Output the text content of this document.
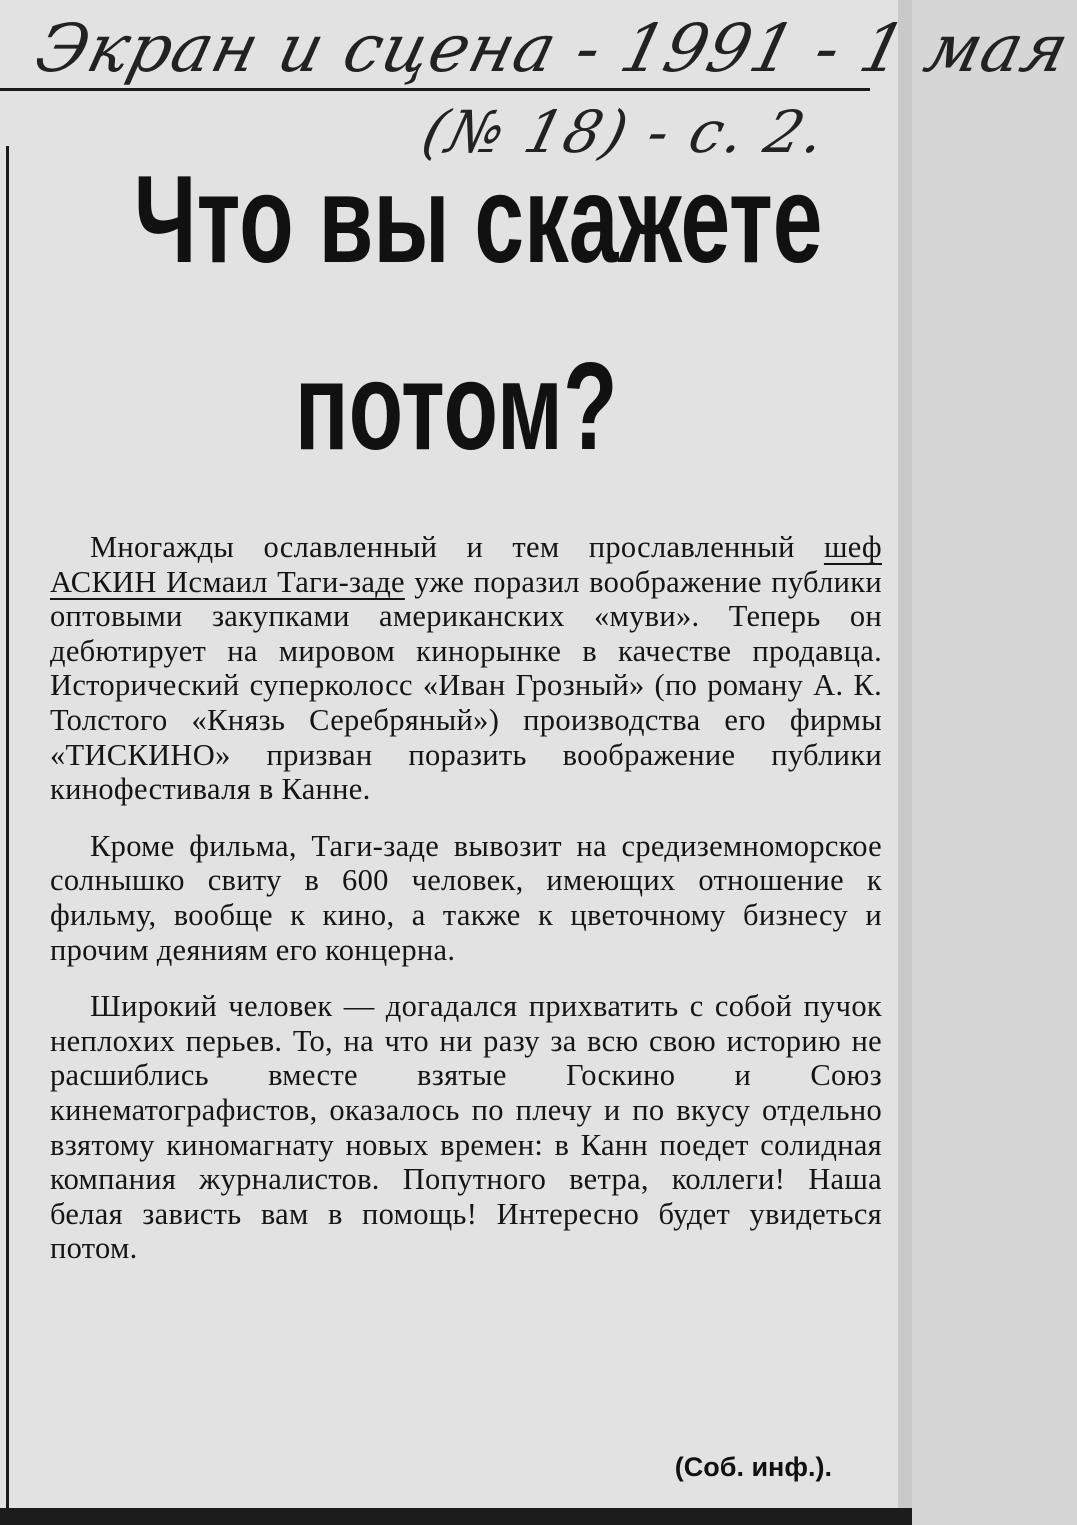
Экран и сцена - 1991 - 1 мая
(№ 18) - с. 2.
Что вы скажете
потом?

Многажды ославленный и тем прославленный шеф АСКИН Исмаил Таги-заде уже поразил воображение публики оптовыми закупками американских «муви». Теперь он дебютирует на мировом кинорынке в качестве продавца. Исторический суперколосс «Иван Грозный» (по роману А. К. Толстого «Князь Серебряный») производства его фирмы «ТИСКИНО» призван поразить воображение публики кинофестиваля в Канне.

Кроме фильма, Таги-заде вывозит на средиземноморское солнышко свиту в 600 человек, имеющих отношение к фильму, вообще к кино, а также к цветочному бизнесу и прочим деяниям его концерна.

Широкий человек — догадался прихватить с собой пучок неплохих перьев. То, на что ни разу за всю свою историю не расшиблись вместе взятые Госкино и Союз кинематографистов, оказалось по плечу и по вкусу отдельно взятому киномагнату новых времен: в Канн поедет солидная компания журналистов. Попутного ветра, коллеги! Наша белая зависть вам в помощь! Интересно будет увидеться потом.

(Соб. инф.).
